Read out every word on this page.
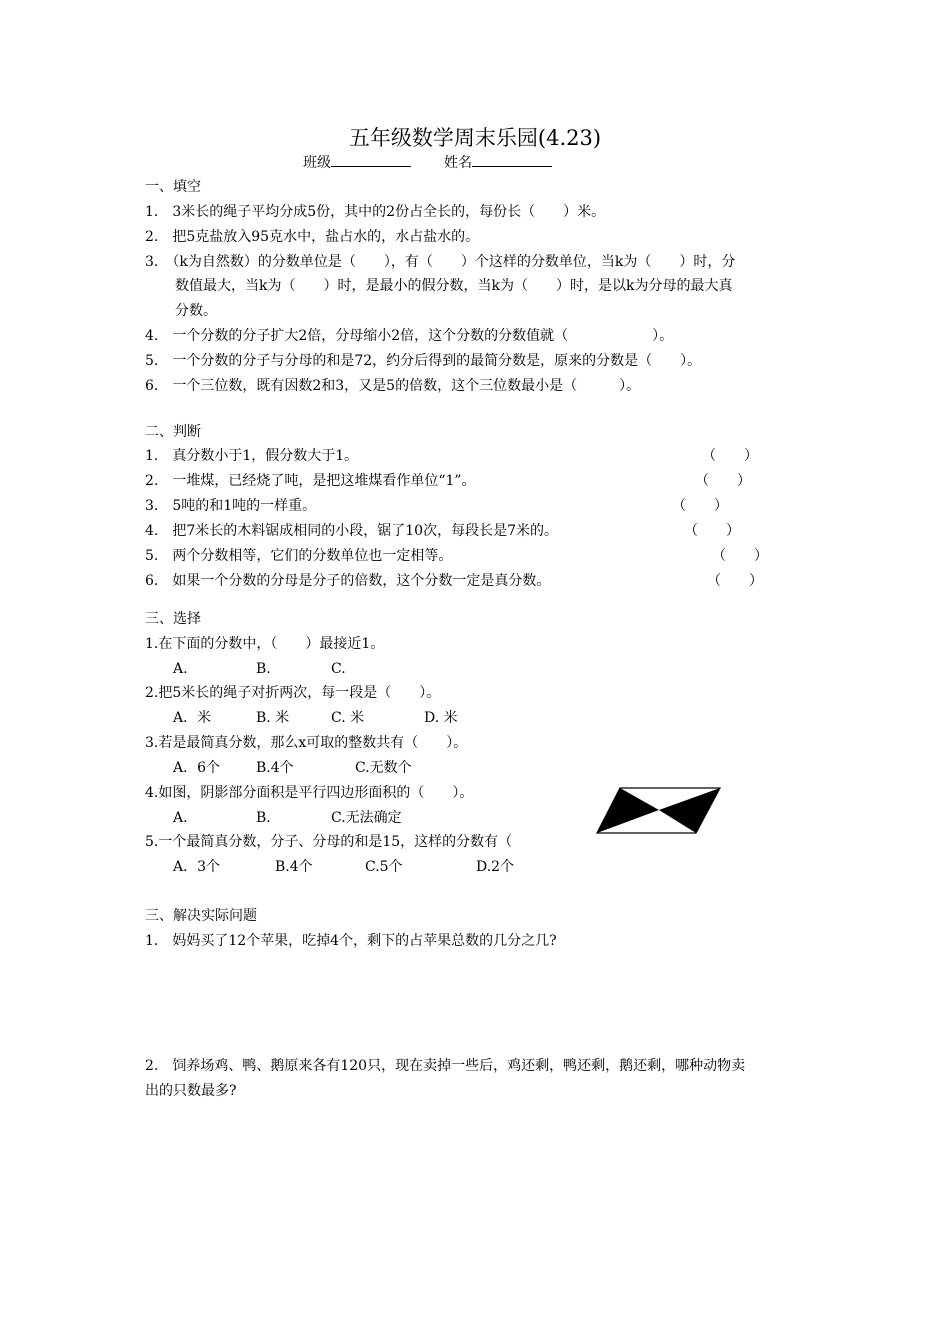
五年级数学周末乐园(4.23)
班级	姓名
一、填空
1.　3米长的绳子平均分成5份，其中的2份占全长的，每份长（　　）米。
2.　把5克盐放入95克水中，盐占水的，水占盐水的。
3.　（k为自然数）的分数单位是（　　），有（　　）个这样的分数单位，当k为（　　）时，分
数值最大，当k为（　　）时，是最小的假分数，当k为（　　）时，是以k为分母的最大真
分数。
4.　一个分数的分子扩大2倍，分母缩小2倍，这个分数的分数值就（　　　　　　）。
5.　一个分数的分子与分母的和是72，约分后得到的最简分数是，原来的分数是（　　）。
6.　一个三位数，既有因数2和3，又是5的倍数，这个三位数最小是（　　　）。
二、判断
1.　真分数小于1，假分数大于1。	（　　）
2.　一堆煤，已经烧了吨，是把这堆煤看作单位“1”。	（　　）
3.　5吨的和1吨的一样重。	（　　）
4.　把7米长的木料锯成相同的小段，锯了10次，每段长是7米的。	（　　）
5.　两个分数相等，它们的分数单位也一定相等。	（　　）
6.　如果一个分数的分母是分子的倍数，这个分数一定是真分数。	（　　）
三、选择
1.在下面的分数中，（　　）最接近1。
A.	B.	C.
2.把5米长的绳子对折两次，每一段是（　　）。
A．米	B. 米	C. 米	D. 米
3.若是最简真分数，那么x可取的整数共有（　　）。
A．6个	B.4个	C.无数个
4.如图，阴影部分面积是平行四边形面积的（　　）。
A.	B.	C.无法确定
5.一个最简真分数，分子、分母的和是15，这样的分数有（
A．3个	B.4个	C.5个	D.2个
三、解决实际问题
1.　妈妈买了12个苹果，吃掉4个，剩下的占苹果总数的几分之几?
2.　饲养场鸡、鸭、鹅原来各有120只，现在卖掉一些后，鸡还剩，鸭还剩，鹅还剩，哪种动物卖
出的只数最多?
